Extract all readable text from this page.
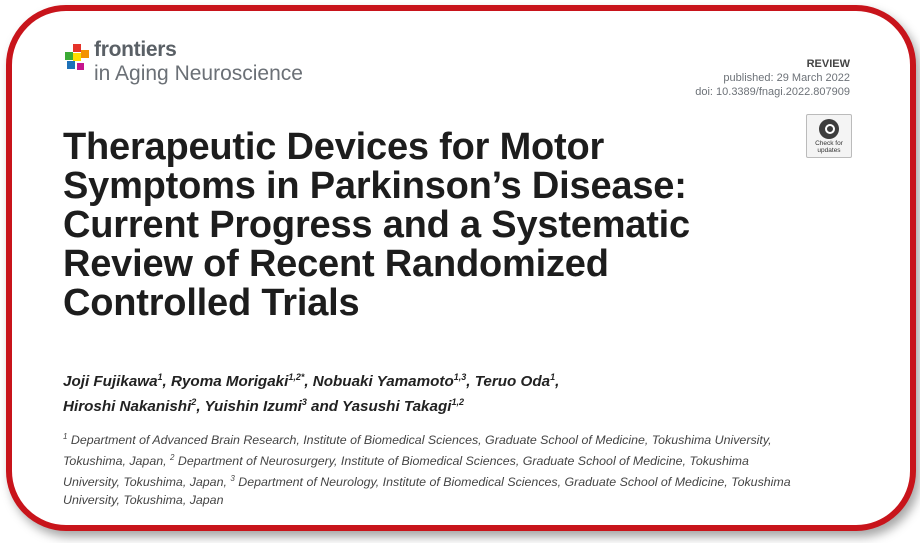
frontiers
in Aging Neuroscience	REVIEW
published: 29 March 2022
doi: 10.3389/fnagi.2022.807909
Check for updates
Therapeutic Devices for Motor Symptoms in Parkinson’s Disease: Current Progress and a Systematic Review of Recent Randomized Controlled Trials
Joji Fujikawa$^1$, Ryoma Morigaki$^{1,2*}$, Nobuaki Yamamoto$^{1,3}$, Teruo Oda$^1$,
Hiroshi Nakanishi$^2$, Yuishin Izumi$^3$ and Yasushi Takagi$^{1,2}$
$^1$ Department of Advanced Brain Research, Institute of Biomedical Sciences, Graduate School of Medicine, Tokushima University, Tokushima, Japan, $^2$ Department of Neurosurgery, Institute of Biomedical Sciences, Graduate School of Medicine, Tokushima University, Tokushima, Japan, $^3$ Department of Neurology, Institute of Biomedical Sciences, Graduate School of Medicine, Tokushima University, Tokushima, Japan
